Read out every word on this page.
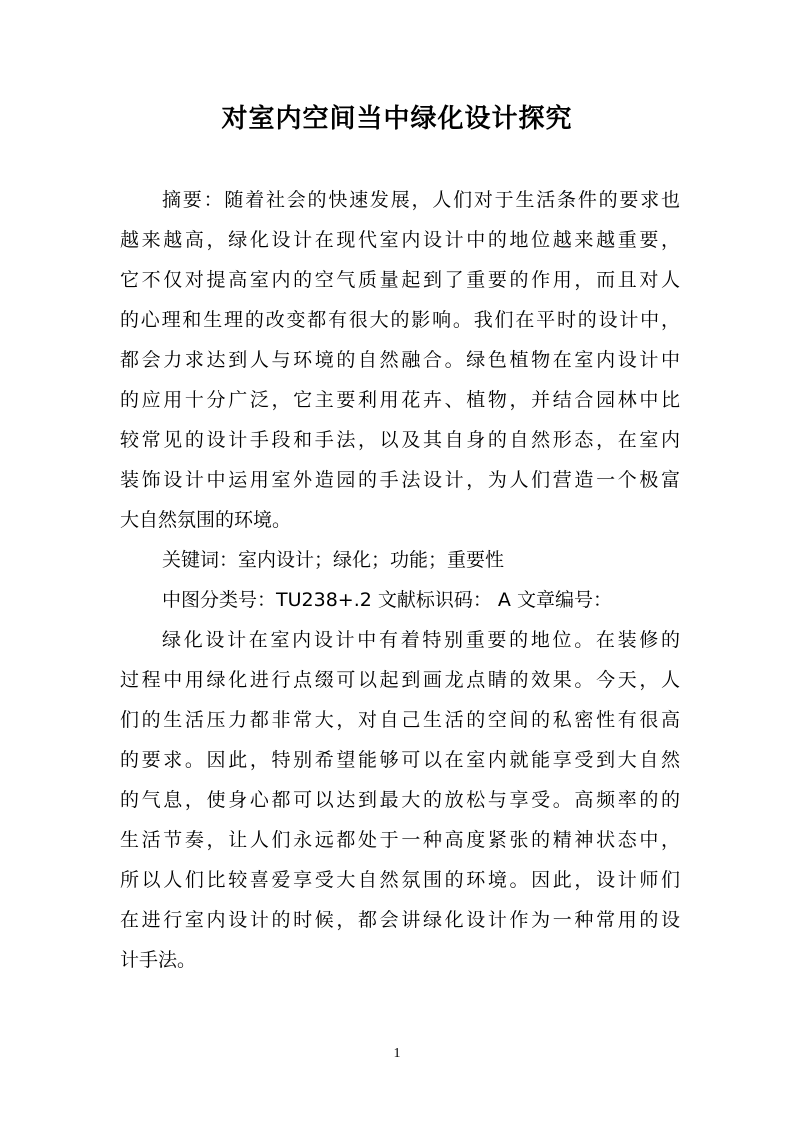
对室内空间当中绿化设计探究
摘要：随着社会的快速发展，人们对于生活条件的要求也
越来越高，绿化设计在现代室内设计中的地位越来越重要，
它不仅对提高室内的空气质量起到了重要的作用，而且对人
的心理和生理的改变都有很大的影响。我们在平时的设计中，
都会力求达到人与环境的自然融合。绿色植物在室内设计中
的应用十分广泛，它主要利用花卉、植物，并结合园林中比
较常见的设计手段和手法，以及其自身的自然形态，在室内
装饰设计中运用室外造园的手法设计，为人们营造一个极富
大自然氛围的环境。
关键词：室内设计；绿化；功能；重要性
中图分类号：TU238+.2 文献标识码： A 文章编号：
绿化设计在室内设计中有着特别重要的地位。在装修的
过程中用绿化进行点缀可以起到画龙点睛的效果。今天，人
们的生活压力都非常大，对自己生活的空间的私密性有很高
的要求。因此，特别希望能够可以在室内就能享受到大自然
的气息，使身心都可以达到最大的放松与享受。高频率的的
生活节奏，让人们永远都处于一种高度紧张的精神状态中，
所以人们比较喜爱享受大自然氛围的环境。因此，设计师们
在进行室内设计的时候，都会讲绿化设计作为一种常用的设
计手法。
1
